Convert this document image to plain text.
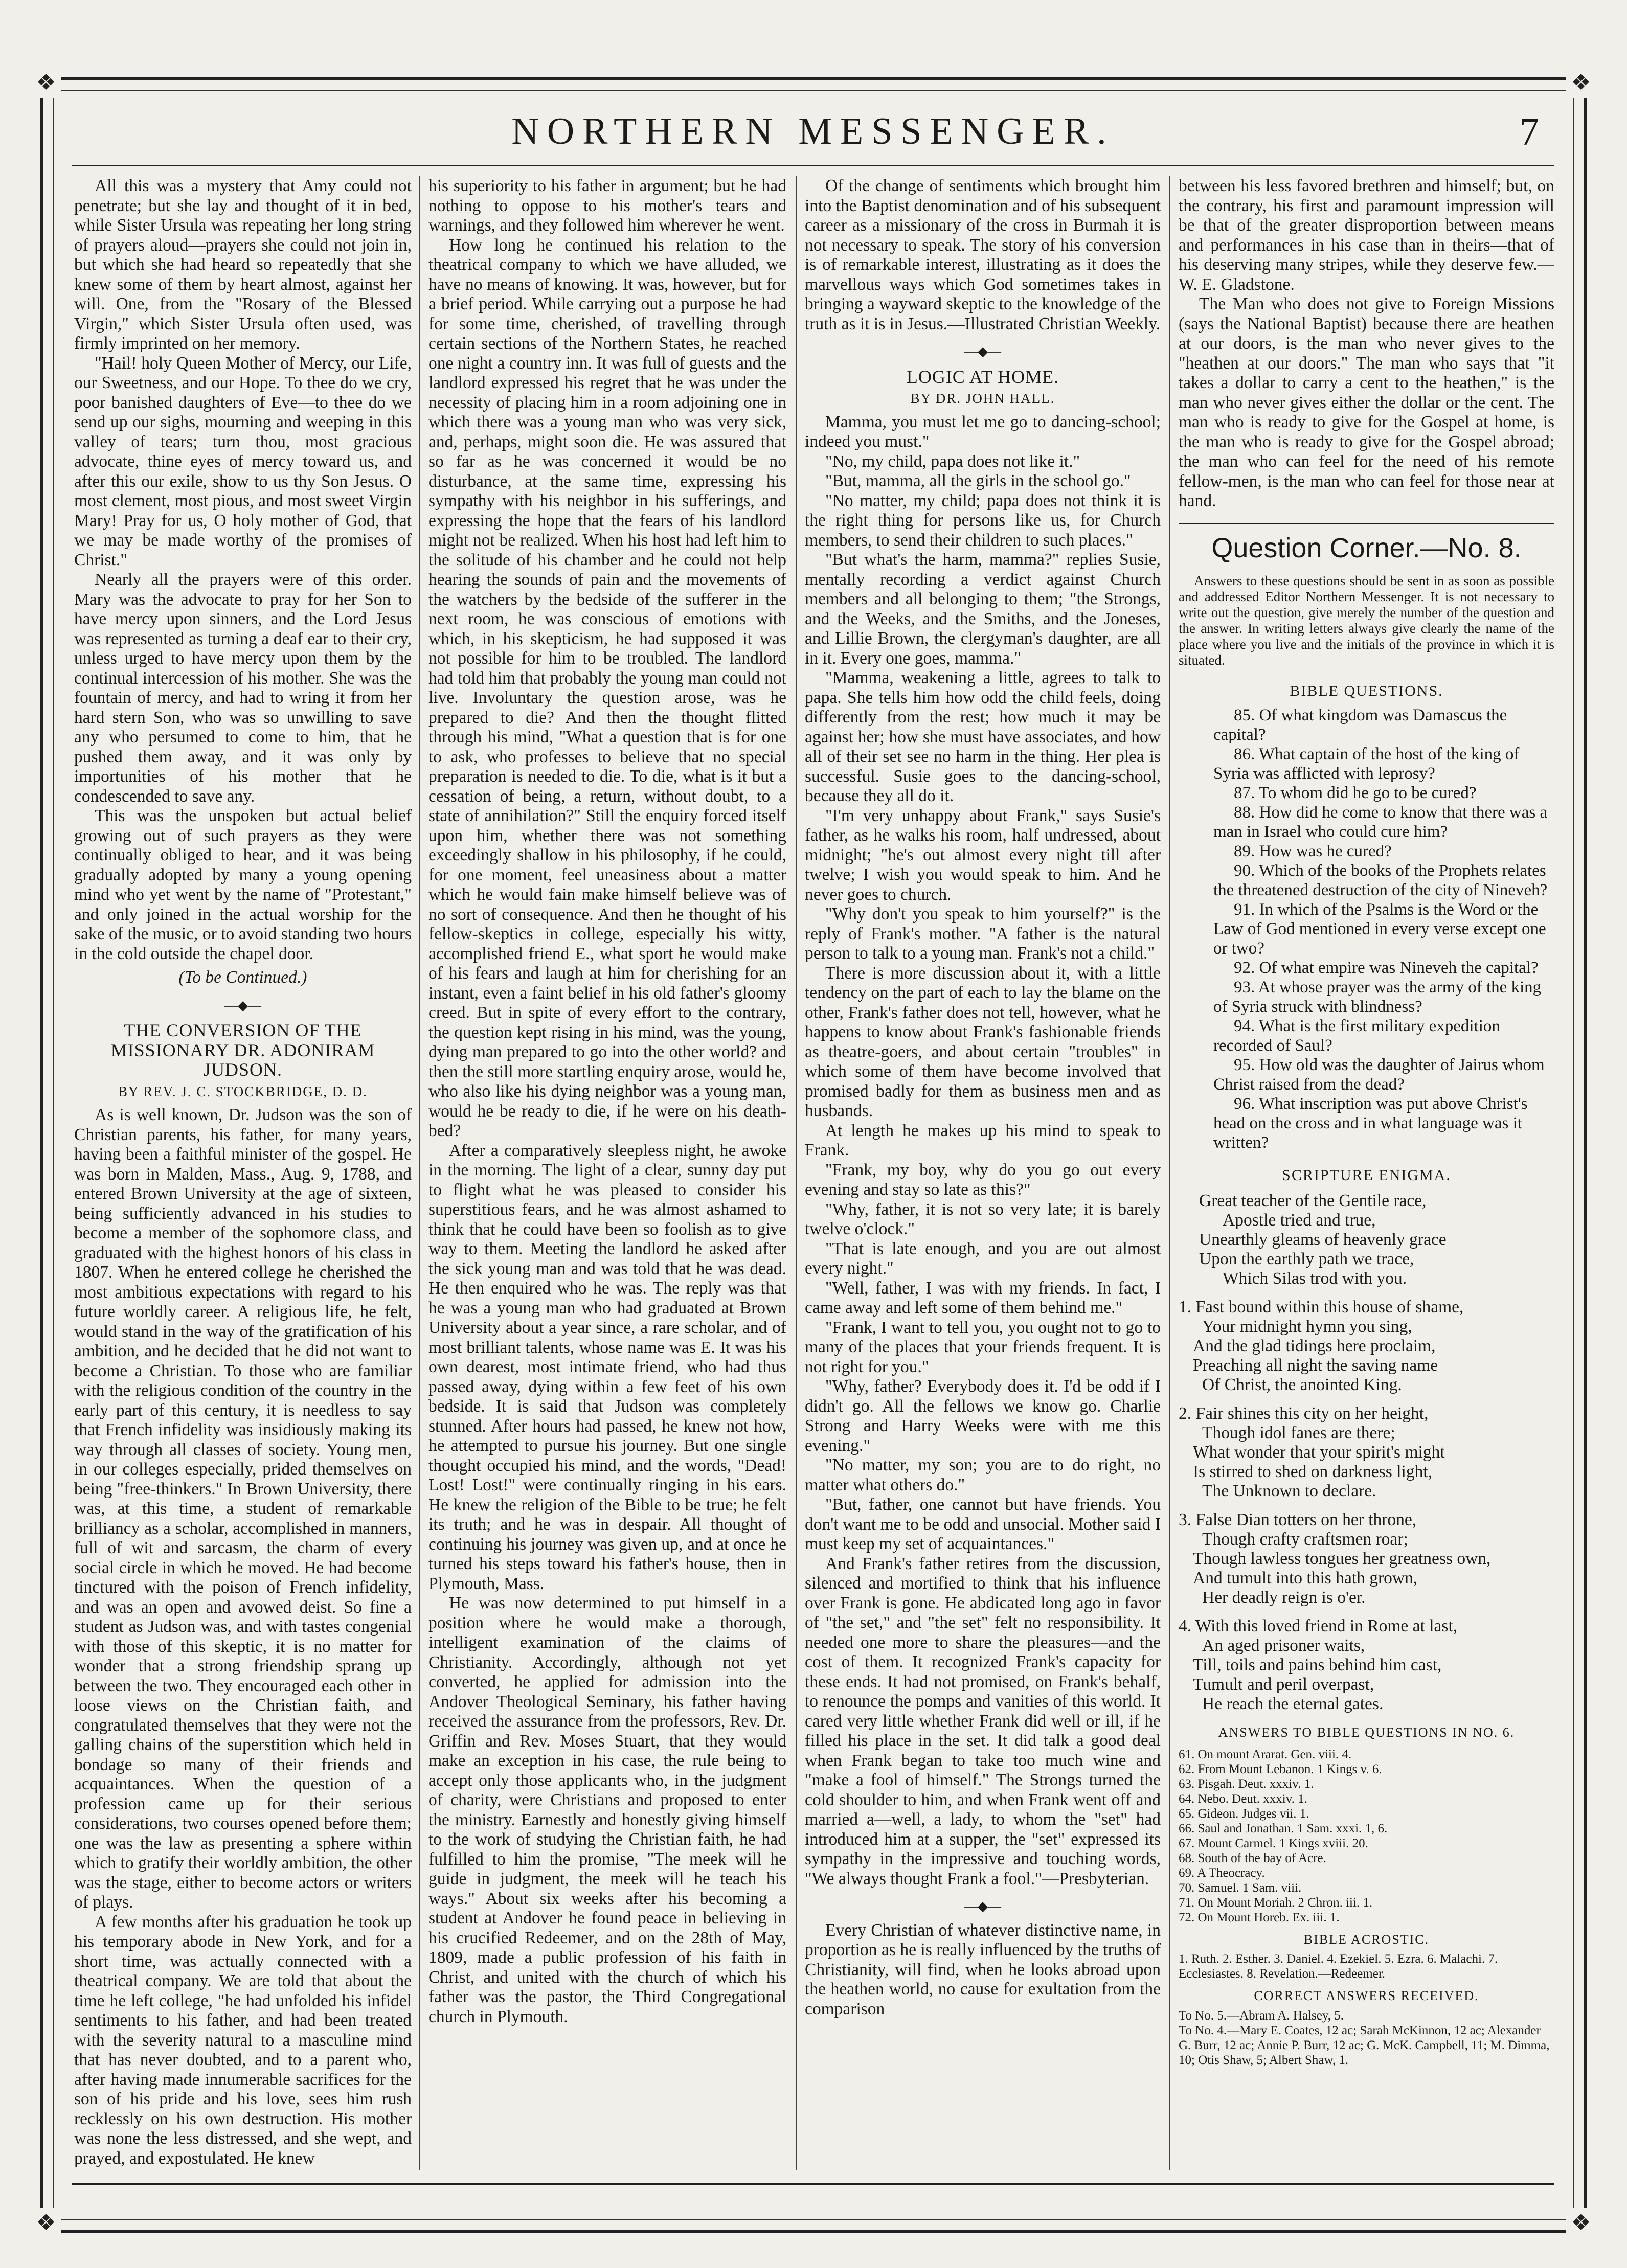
❖	❖
❖	❖
NORTHERN MESSENGER.	7

All this was a mystery that Amy could not penetrate; but she lay and thought of it in bed, while Sister Ursula was repeating her long string of prayers aloud—prayers she could not join in, but which she had heard so repeatedly that she knew some of them by heart almost, against her will. One, from the "Rosary of the Blessed Virgin," which Sister Ursula often used, was firmly imprinted on her memory.

"Hail! holy Queen Mother of Mercy, our Life, our Sweetness, and our Hope. To thee do we cry, poor banished daughters of Eve—to thee do we send up our sighs, mourning and weeping in this valley of tears; turn thou, most gracious advocate, thine eyes of mercy toward us, and after this our exile, show to us thy Son Jesus. O most clement, most pious, and most sweet Virgin Mary! Pray for us, O holy mother of God, that we may be made worthy of the promises of Christ."

Nearly all the prayers were of this order. Mary was the advocate to pray for her Son to have mercy upon sinners, and the Lord Jesus was represented as turning a deaf ear to their cry, unless urged to have mercy upon them by the continual intercession of his mother. She was the fountain of mercy, and had to wring it from her hard stern Son, who was so unwilling to save any who persumed to come to him, that he pushed them away, and it was only by importunities of his mother that he condescended to save any.

This was the unspoken but actual belief growing out of such prayers as they were continually obliged to hear, and it was being gradually adopted by many a young opening mind who yet went by the name of "Protestant," and only joined in the actual worship for the sake of the music, or to avoid standing two hours in the cold outside the chapel door.

(To be Continued.)
—◆—
THE CONVERSION OF THE MISSIONARY DR. ADONIRAM JUDSON.
BY REV. J. C. STOCKBRIDGE, D. D.

As is well known, Dr. Judson was the son of Christian parents, his father, for many years, having been a faithful minister of the gospel. He was born in Malden, Mass., Aug. 9, 1788, and entered Brown University at the age of sixteen, being sufficiently advanced in his studies to become a member of the sophomore class, and graduated with the highest honors of his class in 1807. When he entered college he cherished the most ambitious expectations with regard to his future worldly career. A religious life, he felt, would stand in the way of the gratification of his ambition, and he decided that he did not want to become a Christian. To those who are familiar with the religious condition of the country in the early part of this century, it is needless to say that French infidelity was insidiously making its way through all classes of society. Young men, in our colleges especially, prided themselves on being "free-thinkers." In Brown University, there was, at this time, a student of remarkable brilliancy as a scholar, accomplished in manners, full of wit and sarcasm, the charm of every social circle in which he moved. He had become tinctured with the poison of French infidelity, and was an open and avowed deist. So fine a student as Judson was, and with tastes congenial with those of this skeptic, it is no matter for wonder that a strong friendship sprang up between the two. They encouraged each other in loose views on the Christian faith, and congratulated themselves that they were not the galling chains of the superstition which held in bondage so many of their friends and acquaintances. When the question of a profession came up for their serious considerations, two courses opened before them; one was the law as presenting a sphere within which to gratify their worldly ambition, the other was the stage, either to become actors or writers of plays.

A few months after his graduation he took up his temporary abode in New York, and for a short time, was actually connected with a theatrical company. We are told that about the time he left college, "he had unfolded his infidel sentiments to his father, and had been treated with the severity natural to a masculine mind that has never doubted, and to a parent who, after having made innumerable sacrifices for the son of his pride and his love, sees him rush recklessly on his own destruction. His mother was none the less distressed, and she wept, and prayed, and expostulated. He knew

his superiority to his father in argument; but he had nothing to oppose to his mother's tears and warnings, and they followed him wherever he went.

How long he continued his relation to the theatrical company to which we have alluded, we have no means of knowing. It was, however, but for a brief period. While carrying out a purpose he had for some time, cherished, of travelling through certain sections of the Northern States, he reached one night a country inn. It was full of guests and the landlord expressed his regret that he was under the necessity of placing him in a room adjoining one in which there was a young man who was very sick, and, perhaps, might soon die. He was assured that so far as he was concerned it would be no disturbance, at the same time, expressing his sympathy with his neighbor in his sufferings, and expressing the hope that the fears of his landlord might not be realized. When his host had left him to the solitude of his chamber and he could not help hearing the sounds of pain and the movements of the watchers by the bedside of the sufferer in the next room, he was conscious of emotions with which, in his skepticism, he had supposed it was not possible for him to be troubled. The landlord had told him that probably the young man could not live. Involuntary the question arose, was he prepared to die? And then the thought flitted through his mind, "What a question that is for one to ask, who professes to believe that no special preparation is needed to die. To die, what is it but a cessation of being, a return, without doubt, to a state of annihilation?" Still the enquiry forced itself upon him, whether there was not something exceedingly shallow in his philosophy, if he could, for one moment, feel uneasiness about a matter which he would fain make himself believe was of no sort of consequence. And then he thought of his fellow-skeptics in college, especially his witty, accomplished friend E., what sport he would make of his fears and laugh at him for cherishing for an instant, even a faint belief in his old father's gloomy creed. But in spite of every effort to the contrary, the question kept rising in his mind, was the young, dying man prepared to go into the other world? and then the still more startling enquiry arose, would he, who also like his dying neighbor was a young man, would he be ready to die, if he were on his death-bed?

After a comparatively sleepless night, he awoke in the morning. The light of a clear, sunny day put to flight what he was pleased to consider his superstitious fears, and he was almost ashamed to think that he could have been so foolish as to give way to them. Meeting the landlord he asked after the sick young man and was told that he was dead. He then enquired who he was. The reply was that he was a young man who had graduated at Brown University about a year since, a rare scholar, and of most brilliant talents, whose name was E. It was his own dearest, most intimate friend, who had thus passed away, dying within a few feet of his own bedside. It is said that Judson was completely stunned. After hours had passed, he knew not how, he attempted to pursue his journey. But one single thought occupied his mind, and the words, "Dead! Lost! Lost!" were continually ringing in his ears. He knew the religion of the Bible to be true; he felt its truth; and he was in despair. All thought of continuing his journey was given up, and at once he turned his steps toward his father's house, then in Plymouth, Mass.

He was now determined to put himself in a position where he would make a thorough, intelligent examination of the claims of Christianity. Accordingly, although not yet converted, he applied for admission into the Andover Theological Seminary, his father having received the assurance from the professors, Rev. Dr. Griffin and Rev. Moses Stuart, that they would make an exception in his case, the rule being to accept only those applicants who, in the judgment of charity, were Christians and proposed to enter the ministry. Earnestly and honestly giving himself to the work of studying the Christian faith, he had fulfilled to him the promise, "The meek will he guide in judgment, the meek will he teach his ways." About six weeks after his becoming a student at Andover he found peace in believing in his crucified Redeemer, and on the 28th of May, 1809, made a public profession of his faith in Christ, and united with the church of which his father was the pastor, the Third Congregational church in Plymouth.

Of the change of sentiments which brought him into the Baptist denomination and of his subsequent career as a missionary of the cross in Burmah it is not necessary to speak. The story of his conversion is of remarkable interest, illustrating as it does the marvellous ways which God sometimes takes in bringing a wayward skeptic to the knowledge of the truth as it is in Jesus.—Illustrated Christian Weekly.

—◆—
LOGIC AT HOME.
BY DR. JOHN HALL.

Mamma, you must let me go to dancing-school; indeed you must."

"No, my child, papa does not like it."

"But, mamma, all the girls in the school go."

"No matter, my child; papa does not think it is the right thing for persons like us, for Church members, to send their children to such places."

"But what's the harm, mamma?" replies Susie, mentally recording a verdict against Church members and all belonging to them; "the Strongs, and the Weeks, and the Smiths, and the Joneses, and Lillie Brown, the clergyman's daughter, are all in it. Every one goes, mamma."

"Mamma, weakening a little, agrees to talk to papa. She tells him how odd the child feels, doing differently from the rest; how much it may be against her; how she must have associates, and how all of their set see no harm in the thing. Her plea is successful. Susie goes to the dancing-school, because they all do it.

"I'm very unhappy about Frank," says Susie's father, as he walks his room, half undressed, about midnight; "he's out almost every night till after twelve; I wish you would speak to him. And he never goes to church.

"Why don't you speak to him yourself?" is the reply of Frank's mother. "A father is the natural person to talk to a young man. Frank's not a child."

There is more discussion about it, with a little tendency on the part of each to lay the blame on the other, Frank's father does not tell, however, what he happens to know about Frank's fashionable friends as theatre-goers, and about certain "troubles" in which some of them have become involved that promised badly for them as business men and as husbands.

At length he makes up his mind to speak to Frank.

"Frank, my boy, why do you go out every evening and stay so late as this?"

"Why, father, it is not so very late; it is barely twelve o'clock."

"That is late enough, and you are out almost every night."

"Well, father, I was with my friends. In fact, I came away and left some of them behind me."

"Frank, I want to tell you, you ought not to go to many of the places that your friends frequent. It is not right for you."

"Why, father? Everybody does it. I'd be odd if I didn't go. All the fellows we know go. Charlie Strong and Harry Weeks were with me this evening."

"No matter, my son; you are to do right, no matter what others do."

"But, father, one cannot but have friends. You don't want me to be odd and unsocial. Mother said I must keep my set of acquaintances."

And Frank's father retires from the discussion, silenced and mortified to think that his influence over Frank is gone. He abdicated long ago in favor of "the set," and "the set" felt no responsibility. It needed one more to share the pleasures—and the cost of them. It recognized Frank's capacity for these ends. It had not promised, on Frank's behalf, to renounce the pomps and vanities of this world. It cared very little whether Frank did well or ill, if he filled his place in the set. It did talk a good deal when Frank began to take too much wine and "make a fool of himself." The Strongs turned the cold shoulder to him, and when Frank went off and married a—well, a lady, to whom the "set" had introduced him at a supper, the "set" expressed its sympathy in the impressive and touching words, "We always thought Frank a fool."—Presbyterian.

—◆—

Every Christian of whatever distinctive name, in proportion as he is really influenced by the truths of Christianity, will find, when he looks abroad upon the heathen world, no cause for exultation from the comparison

between his less favored brethren and himself; but, on the contrary, his first and paramount impression will be that of the greater disproportion between means and performances in his case than in theirs—that of his deserving many stripes, while they deserve few.—W. E. Gladstone.

The Man who does not give to Foreign Missions (says the National Baptist) because there are heathen at our doors, is the man who never gives to the "heathen at our doors." The man who says that "it takes a dollar to carry a cent to the heathen," is the man who never gives either the dollar or the cent. The man who is ready to give for the Gospel at home, is the man who is ready to give for the Gospel abroad; the man who can feel for the need of his remote fellow-men, is the man who can feel for those near at hand.

Question Corner.—No. 8.
Answers to these questions should be sent in as soon as possible and addressed Editor Northern Messenger. It is not necessary to write out the question, give merely the number of the question and the answer. In writing letters always give clearly the name of the place where you live and the initials of the province in which it is situated.
BIBLE QUESTIONS.

85. Of what kingdom was Damascus the capital?

86. What captain of the host of the king of Syria was afflicted with leprosy?

87. To whom did he go to be cured?

88. How did he come to know that there was a man in Israel who could cure him?

89. How was he cured?

90. Which of the books of the Prophets relates the threatened destruction of the city of Nineveh?

91. In which of the Psalms is the Word or the Law of God mentioned in every verse except one or two?

92. Of what empire was Nineveh the capital?

93. At whose prayer was the army of the king of Syria struck with blindness?

94. What is the first military expedition recorded of Saul?

95. How old was the daughter of Jairus whom Christ raised from the dead?

96. What inscription was put above Christ's head on the cross and in what language was it written?

SCRIPTURE ENIGMA.
Great teacher of the Gentile race,
Apostle tried and true,
Unearthly gleams of heavenly grace
Upon the earthly path we trace,
Which Silas trod with you.
1. Fast bound within this house of shame,
Your midnight hymn you sing,
And the glad tidings here proclaim,
Preaching all night the saving name
Of Christ, the anointed King.
2. Fair shines this city on her height,
Though idol fanes are there;
What wonder that your spirit's might
Is stirred to shed on darkness light,
The Unknown to declare.
3. False Dian totters on her throne,
Though crafty craftsmen roar;
Though lawless tongues her greatness own,
And tumult into this hath grown,
Her deadly reign is o'er.
4. With this loved friend in Rome at last,
An aged prisoner waits,
Till, toils and pains behind him cast,
Tumult and peril overpast,
He reach the eternal gates.
ANSWERS TO BIBLE QUESTIONS IN NO. 6.
61. On mount Ararat. Gen. viii. 4.
62. From Mount Lebanon. 1 Kings v. 6.
63. Pisgah. Deut. xxxiv. 1.
64. Nebo. Deut. xxxiv. 1.
65. Gideon. Judges vii. 1.
66. Saul and Jonathan. 1 Sam. xxxi. 1, 6.
67. Mount Carmel. 1 Kings xviii. 20.
68. South of the bay of Acre.
69. A Theocracy.
70. Samuel. 1 Sam. viii.
71. On Mount Moriah. 2 Chron. iii. 1.
72. On Mount Horeb. Ex. iii. 1.
BIBLE ACROSTIC.
1. Ruth. 2. Esther. 3. Daniel. 4. Ezekiel. 5. Ezra. 6. Malachi. 7. Ecclesiastes. 8. Revelation.—Redeemer.
CORRECT ANSWERS RECEIVED.
To No. 5.—Abram A. Halsey, 5.
To No. 4.—Mary E. Coates, 12 ac; Sarah McKinnon, 12 ac; Alexander G. Burr, 12 ac; Annie P. Burr, 12 ac; G. McK. Campbell, 11; M. Dimma, 10; Otis Shaw, 5; Albert Shaw, 1.
